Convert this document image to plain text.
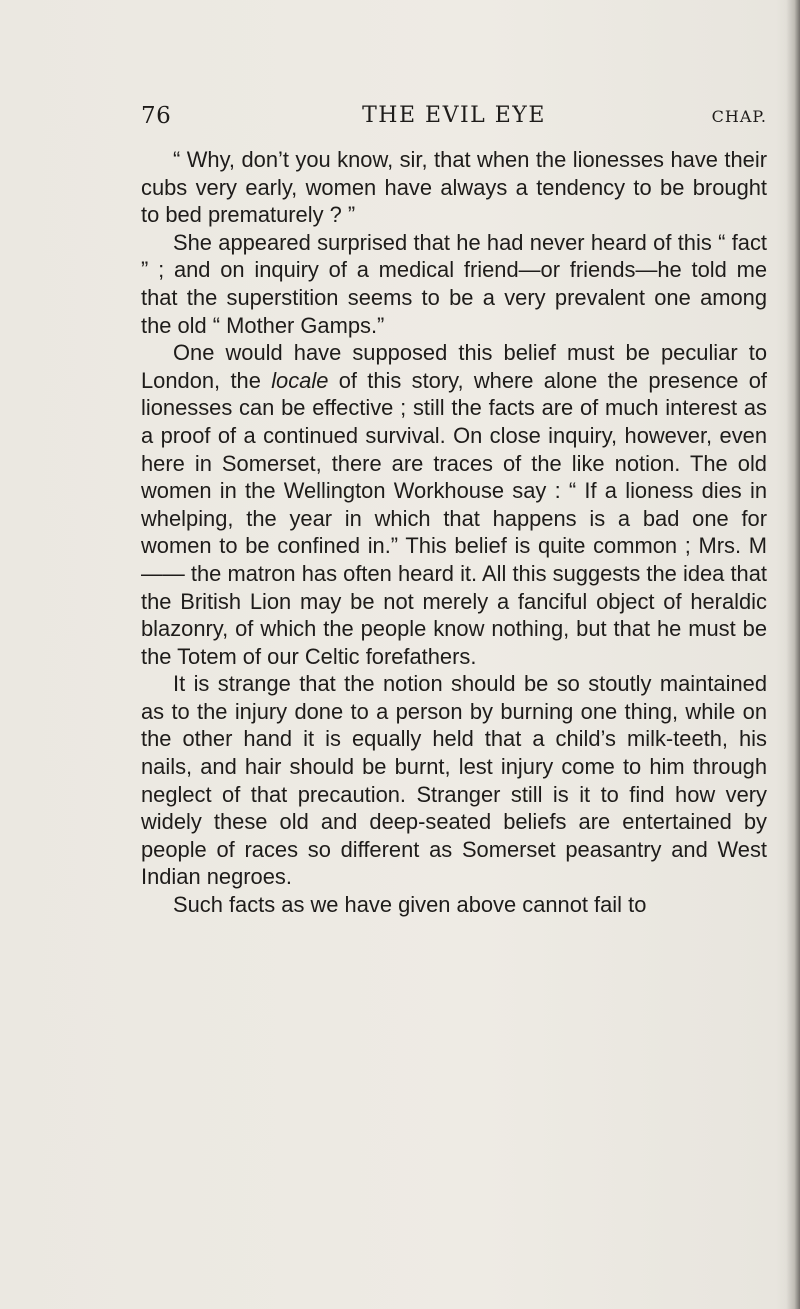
76	THE EVIL EYE	CHAP.

“ Why, don’t you know, sir, that when the lionesses have their cubs very early, women have always a tendency to be brought to bed prematurely ? ”

She appeared surprised that he had never heard of this “ fact ” ; and on inquiry of a medical friend—or friends—he told me that the superstition seems to be a very prevalent one among the old “ Mother Gamps.”

One would have supposed this belief must be peculiar to London, the locale of this story, where alone the presence of lionesses can be effective ; still the facts are of much interest as a proof of a continued survival. On close inquiry, however, even here in Somerset, there are traces of the like notion. The old women in the Wellington Workhouse say : “ If a lioness dies in whelping, the year in which that happens is a bad one for women to be confined in.” This belief is quite common ; Mrs. M—— the matron has often heard it. All this suggests the idea that the British Lion may be not merely a fanciful object of heraldic blazonry, of which the people know nothing, but that he must be the Totem of our Celtic forefathers.

It is strange that the notion should be so stoutly maintained as to the injury done to a person by burning one thing, while on the other hand it is equally held that a child’s milk-teeth, his nails, and hair should be burnt, lest injury come to him through neglect of that precaution. Stranger still is it to find how very widely these old and deep-seated beliefs are entertained by people of races so different as Somerset peasantry and West Indian negroes.

Such facts as we have given above cannot fail to
